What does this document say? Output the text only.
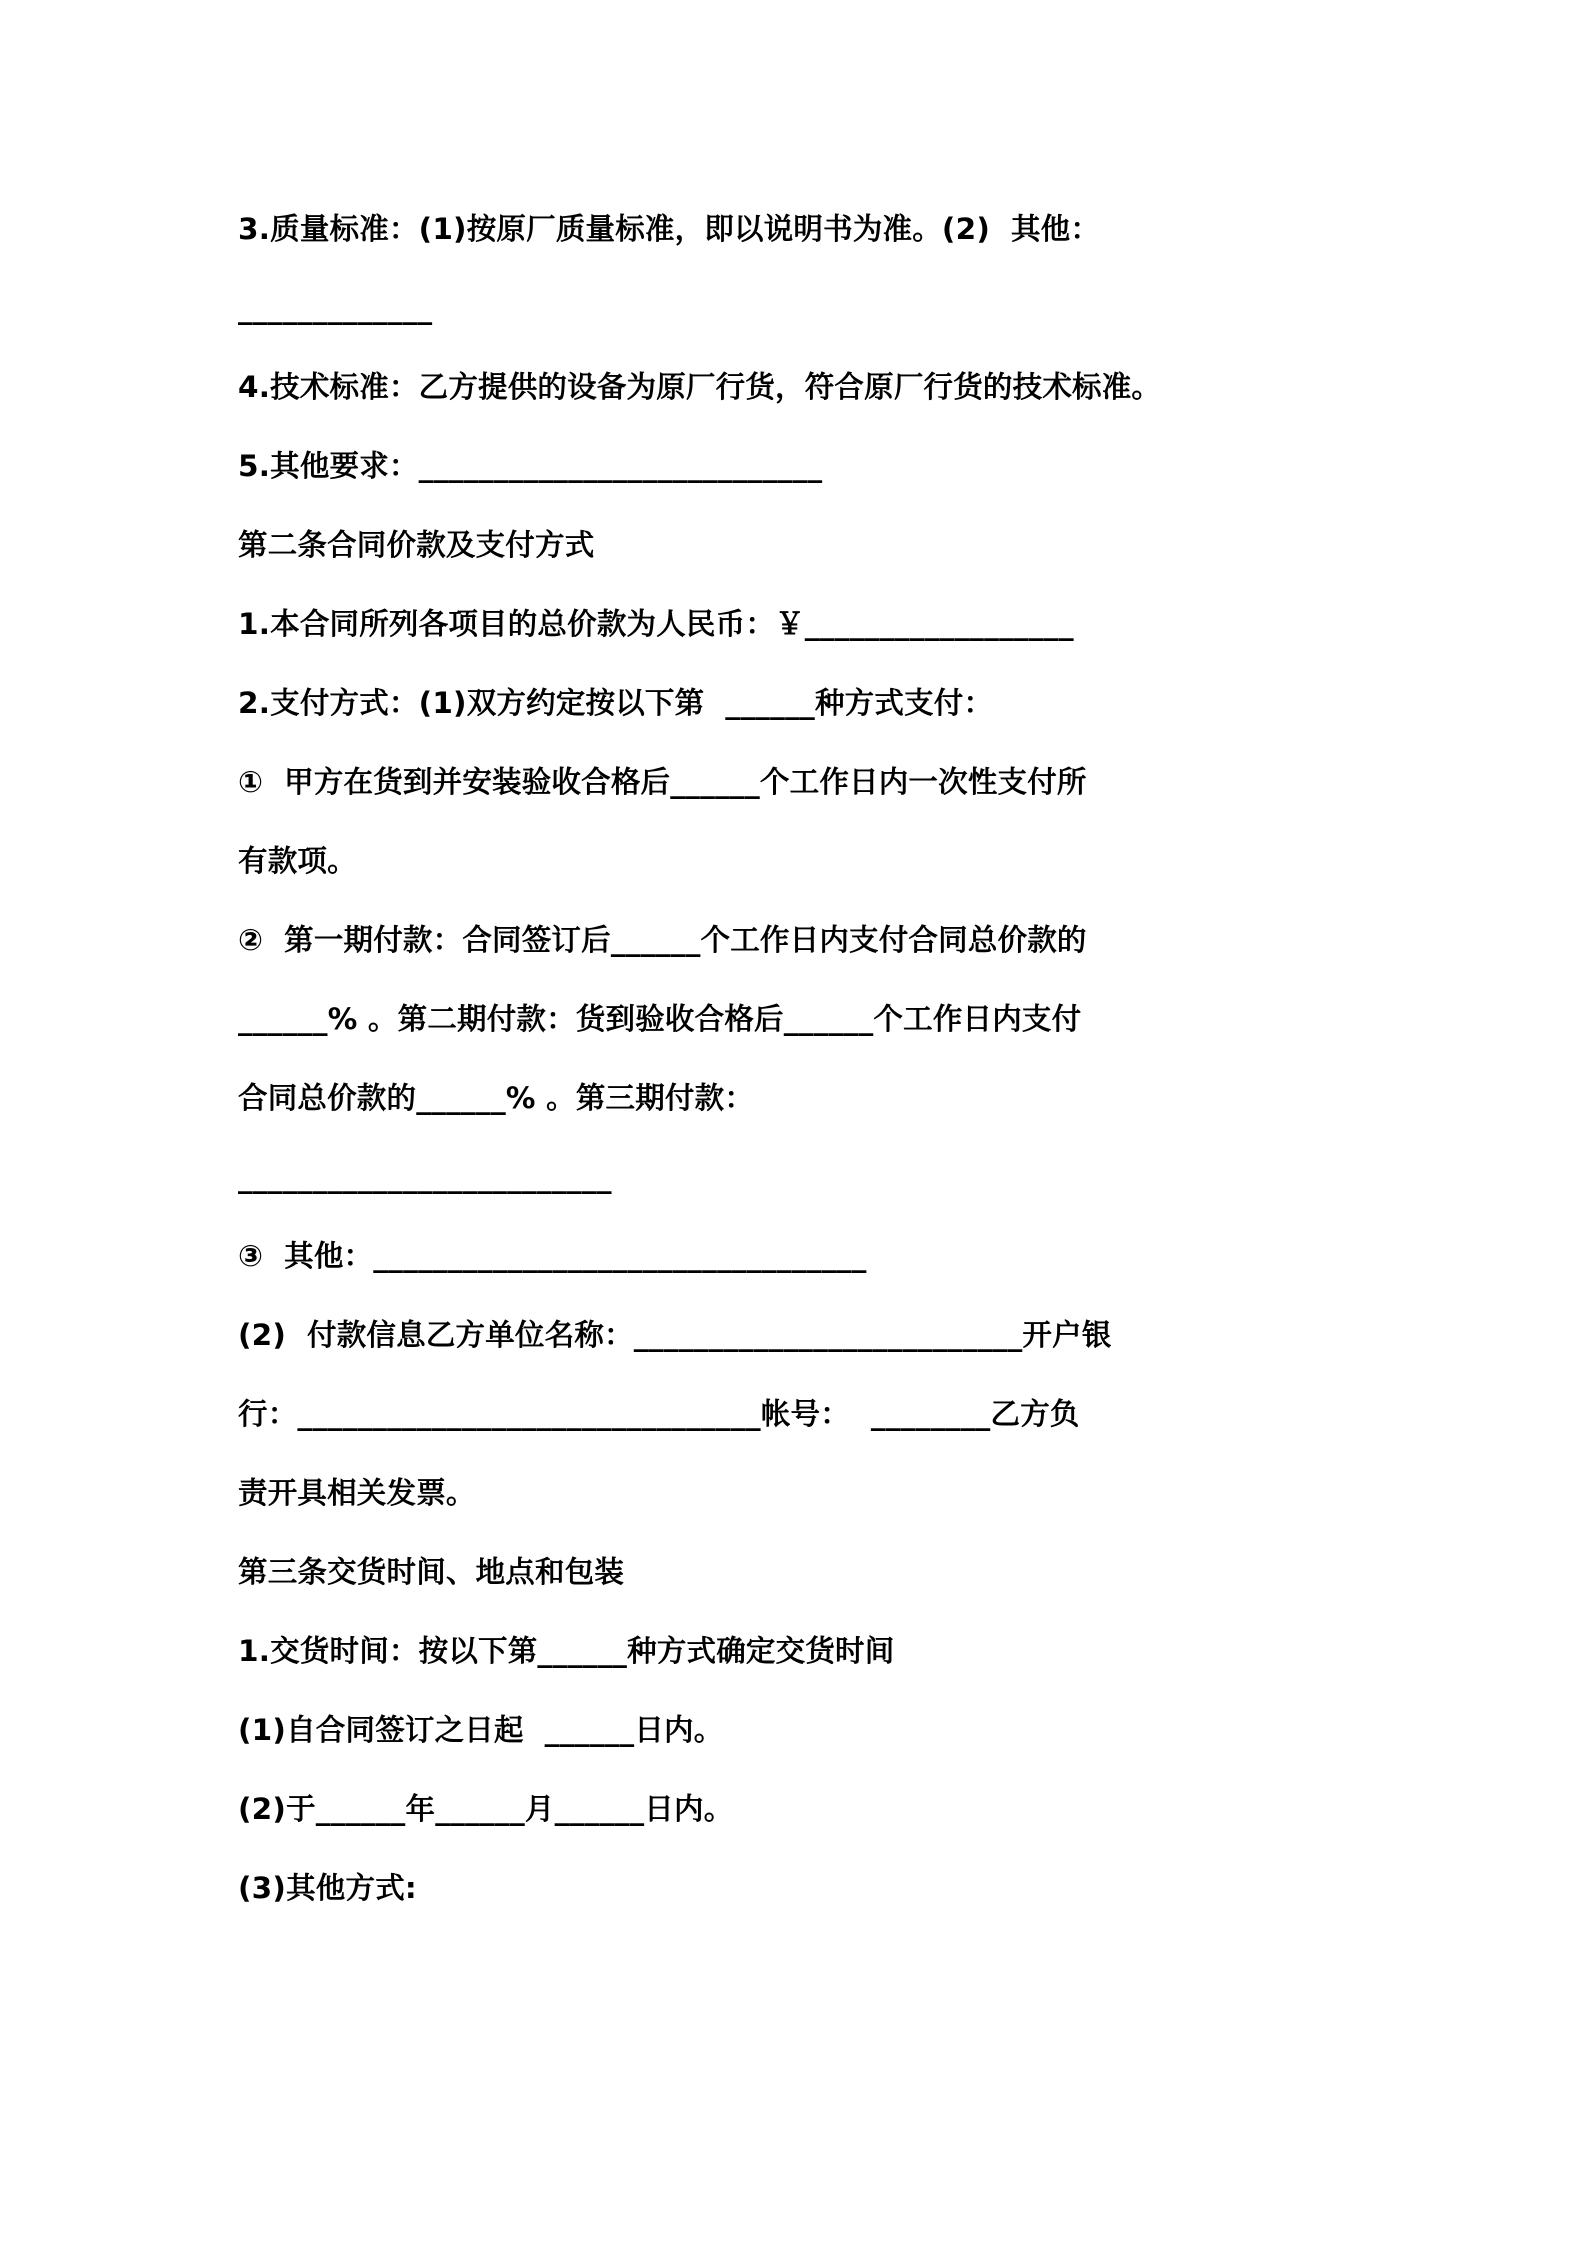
3.质量标准：(1)按原厂质量标准，即以说明书为准。(2)  其他：

_____________

4.技术标准：乙方提供的设备为原厂行货，符合原厂行货的技术标准。

5.其他要求：___________________________

第二条合同价款及支付方式

1.本合同所列各项目的总价款为人民币：￥__________________

2.支付方式：(1)双方约定按以下第  ______种方式支付：

①  甲方在货到并安装验收合格后______个工作日内一次性支付所

有款项。

②  第一期付款：合同签订后______个工作日内支付合同总价款的

______% 。第二期付款：货到验收合格后______个工作日内支付

合同总价款的______% 。第三期付款：

_________________________

③  其他：_________________________________

(2)  付款信息乙方单位名称：__________________________开户银

行：_______________________________帐号：  ________乙方负

责开具相关发票。

第三条交货时间、地点和包装

1.交货时间：按以下第______种方式确定交货时间

(1)自合同签订之日起  ______日内。

(2)于______年______月______日内。

(3)其他方式:
